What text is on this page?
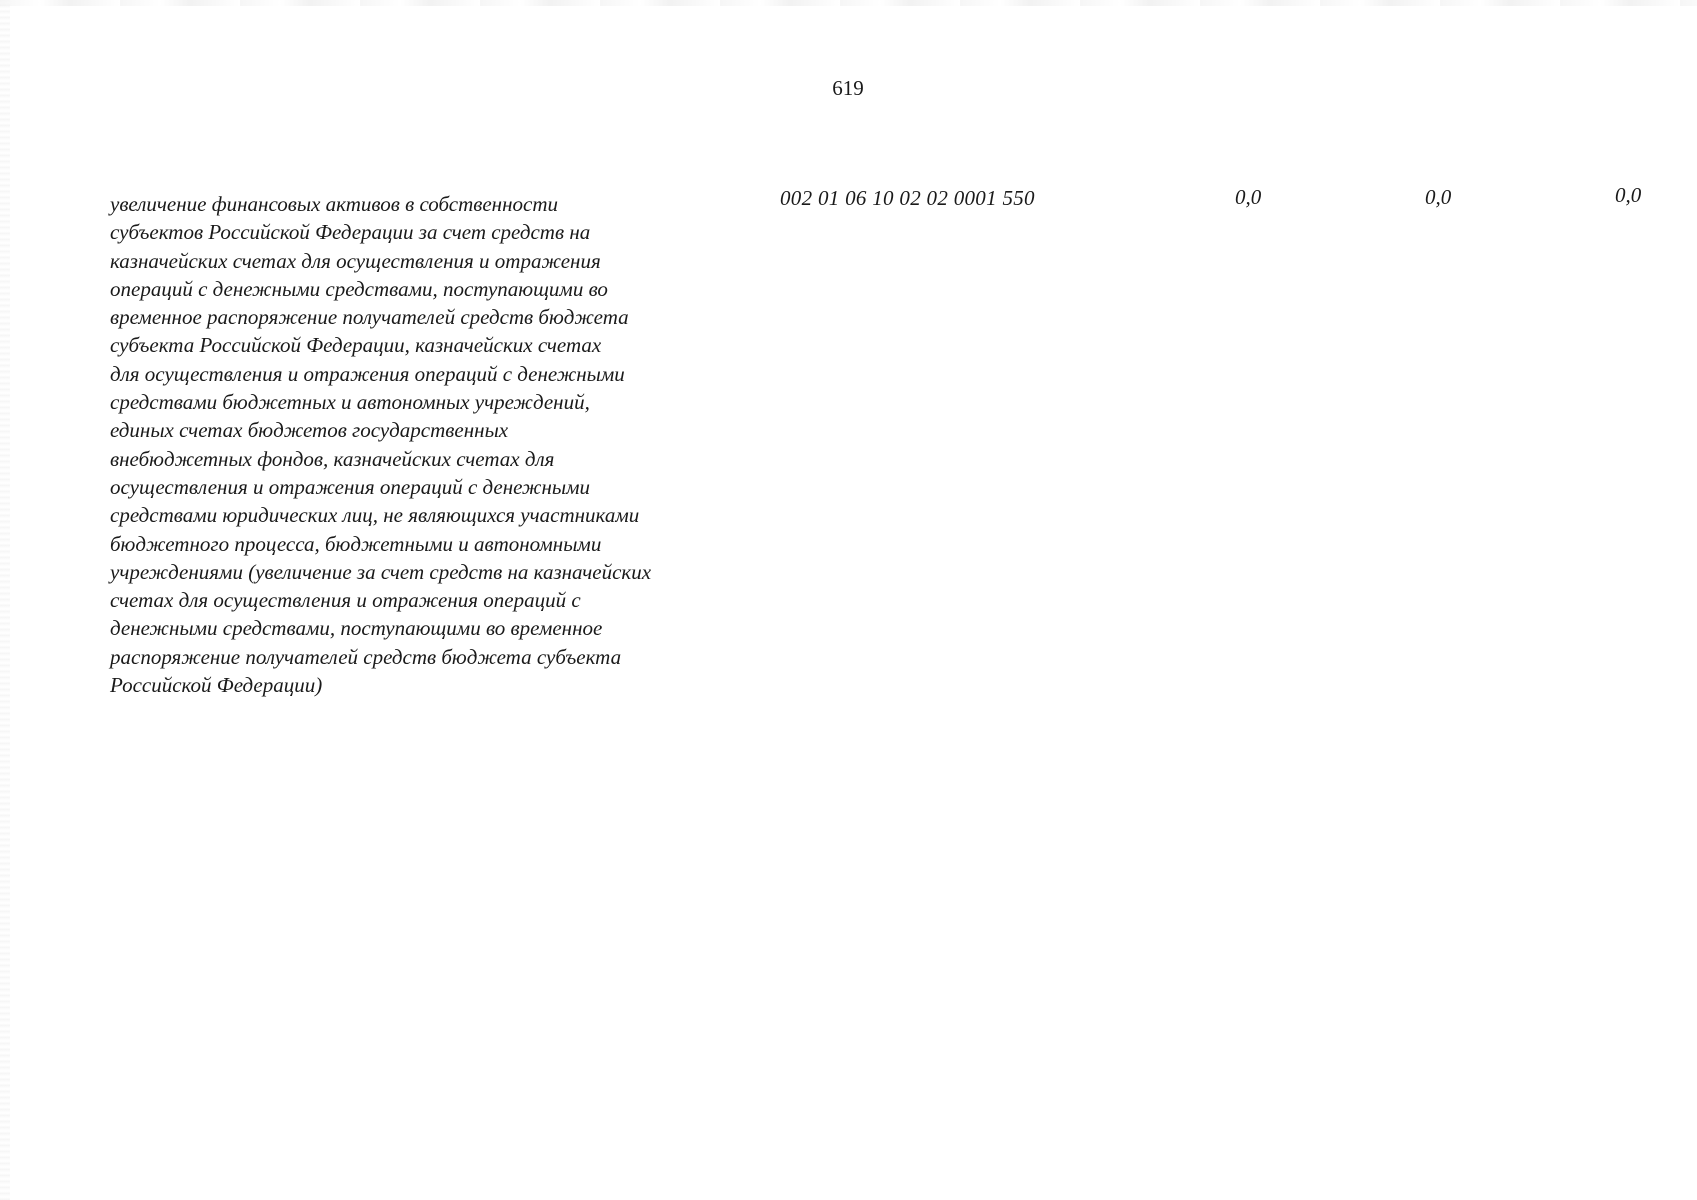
619
увеличение финансовых активов в собственности
субъектов Российской Федерации за счет средств на
казначейских счетах для осуществления и отражения
операций с денежными средствами, поступающими во
временное распоряжение получателей средств бюджета
субъекта Российской Федерации, казначейских счетах
для осуществления и отражения операций с денежными
средствами бюджетных и автономных учреждений,
единых счетах бюджетов государственных
внебюджетных фондов, казначейских счетах для
осуществления и отражения операций с денежными
средствами юридических лиц, не являющихся участниками
бюджетного процесса, бюджетными и автономными
учреждениями (увеличение за счет средств на казначейских
счетах для осуществления и отражения операций с
денежными средствами, поступающими во временное
распоряжение получателей средств бюджета субъекта
Российской Федерации)
002 01 06 10 02 02 0001 550	0,0	0,0	0,0
